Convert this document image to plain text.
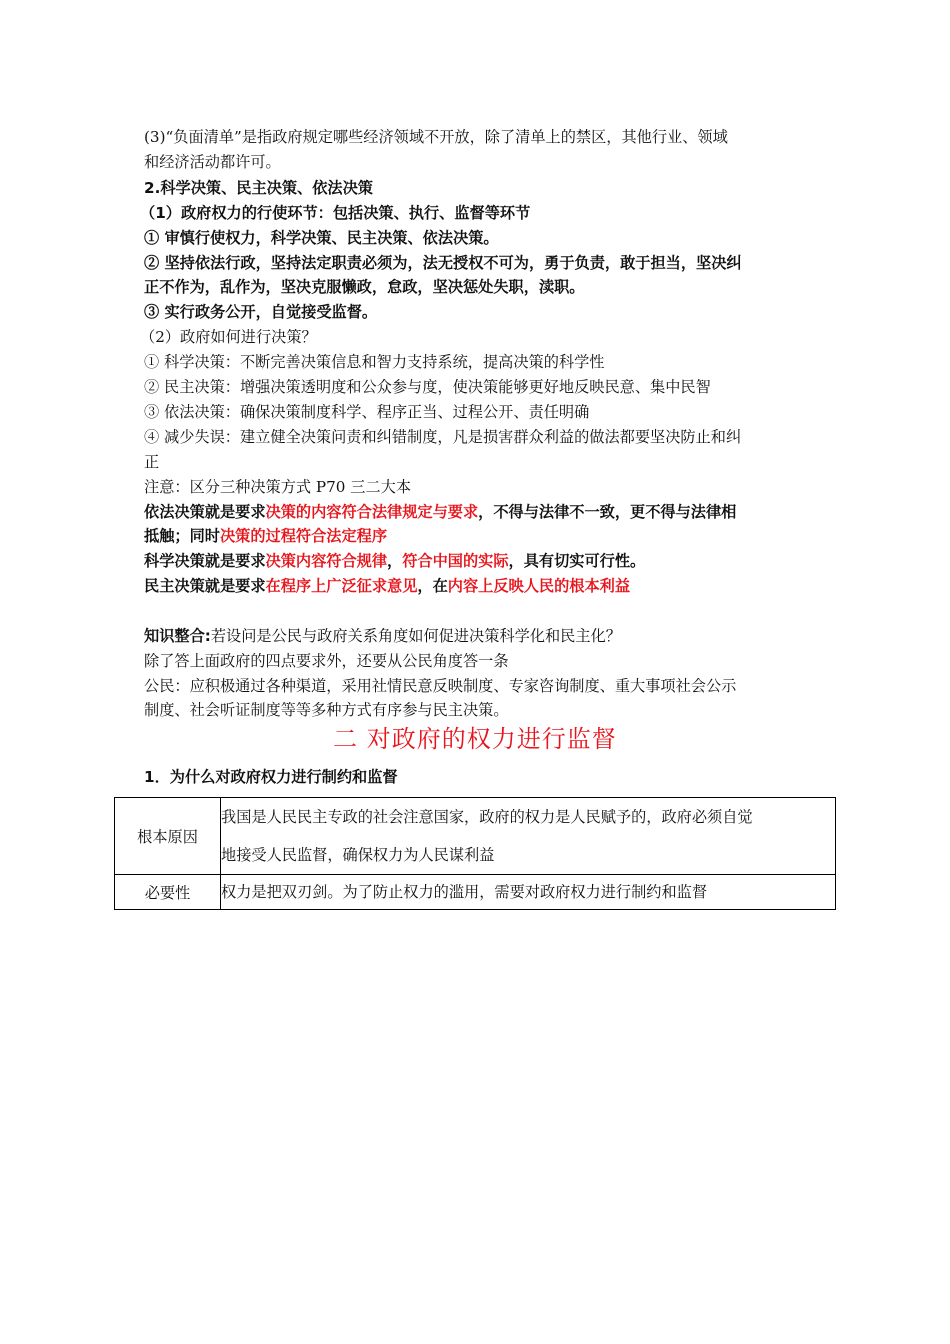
(3)“负面清单”是指政府规定哪些经济领域不开放，除了清单上的禁区，其他行业、领域
和经济活动都许可。
2.科学决策、民主决策、依法决策
（1）政府权力的行使环节：包括决策、执行、监督等环节
① 审慎行使权力，科学决策、民主决策、依法决策。
② 坚持依法行政，坚持法定职责必须为，法无授权不可为，勇于负责，敢于担当，坚决纠
正不作为，乱作为，坚决克服懒政，怠政，坚决惩处失职，渎职。
③ 实行政务公开，自觉接受监督。
（2）政府如何进行决策？
① 科学决策：不断完善决策信息和智力支持系统，提高决策的科学性
② 民主决策：增强决策透明度和公众参与度，使决策能够更好地反映民意、集中民智
③ 依法决策：确保决策制度科学、程序正当、过程公开、责任明确
④ 减少失误：建立健全决策问责和纠错制度，凡是损害群众利益的做法都要坚决防止和纠
正
注意：区分三种决策方式 P70 三二大本
依法决策就是要求决策的内容符合法律规定与要求，不得与法律不一致，更不得与法律相
抵触；同时决策的过程符合法定程序
科学决策就是要求决策内容符合规律，符合中国的实际，具有切实可行性。
民主决策就是要求在程序上广泛征求意见，在内容上反映人民的根本利益
知识整合:若设问是公民与政府关系角度如何促进决策科学化和民主化？
除了答上面政府的四点要求外，还要从公民角度答一条
公民：应积极通过各种渠道，采用社情民意反映制度、专家咨询制度、重大事项社会公示
制度、社会听证制度等等多种方式有序参与民主决策。
二 对政府的权力进行监督
1．为什么对政府权力进行制约和监督
根本原因	我国是人民民主专政的社会注意国家，政府的权力是人民赋予的，政府必须自觉
地接受人民监督，确保权力为人民谋利益

必要性	权力是把双刃剑。为了防止权力的滥用，需要对政府权力进行制约和监督
